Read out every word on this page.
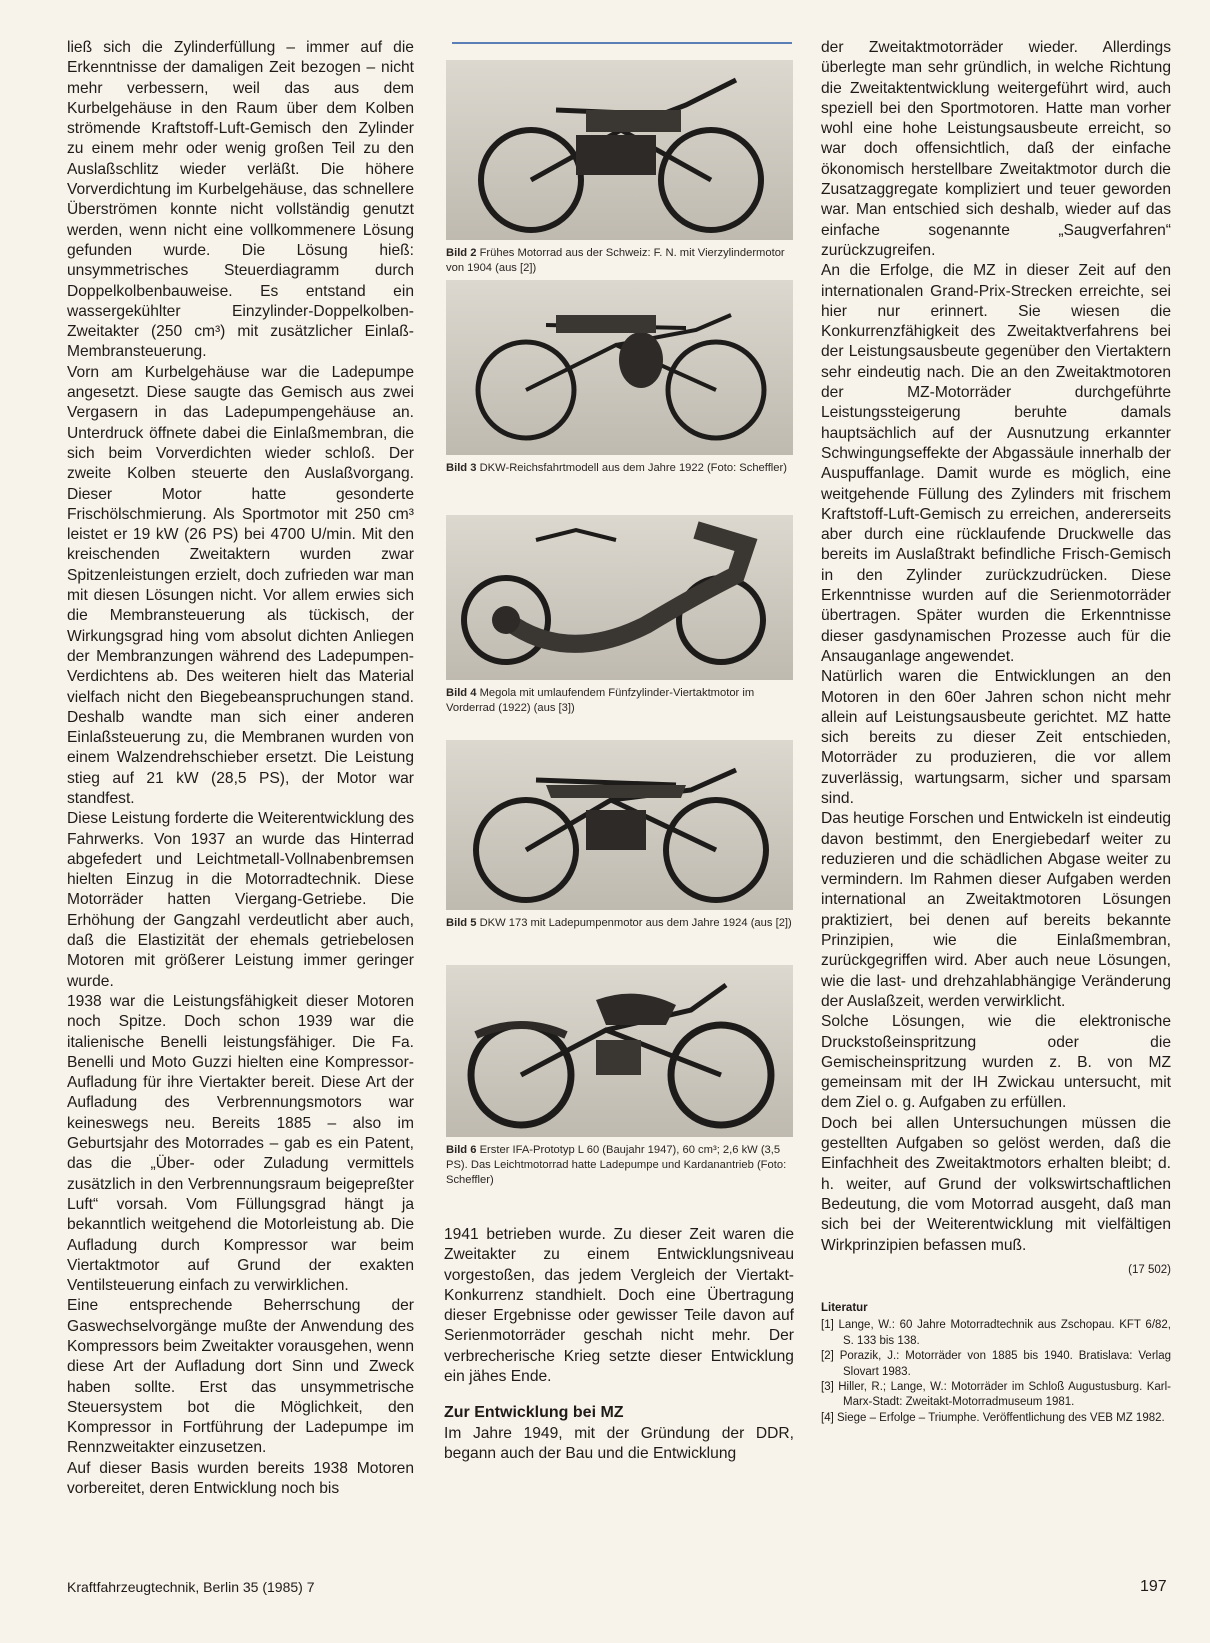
ließ sich die Zylinderfüllung – immer auf die Erkenntnisse der damaligen Zeit bezogen – nicht mehr verbessern, weil das aus dem Kurbelgehäuse in den Raum über dem Kolben strömende Kraftstoff-Luft-Gemisch den Zylinder zu einem mehr oder wenig großen Teil zu den Auslaßschlitz wieder verläßt. Die höhere Vorverdichtung im Kurbelgehäuse, das schnellere Überströmen konnte nicht vollständig genutzt werden, wenn nicht eine vollkommenere Lösung gefunden wurde. Die Lösung hieß: unsymmetrisches Steuerdiagramm durch Doppelkolbenbauweise. Es entstand ein wassergekühlter Einzylinder-Doppelkolben-Zweitakter (250 cm³) mit zusätzlicher Einlaß-Membransteuerung.

Vorn am Kurbelgehäuse war die Ladepumpe angesetzt. Diese saugte das Gemisch aus zwei Vergasern in das Ladepumpengehäuse an. Unterdruck öffnete dabei die Einlaßmembran, die sich beim Vorverdichten wieder schloß. Der zweite Kolben steuerte den Auslaßvorgang. Dieser Motor hatte gesonderte Frischölschmierung. Als Sportmotor mit 250 cm³ leistet er 19 kW (26 PS) bei 4700 U/min. Mit den kreischenden Zweitaktern wurden zwar Spitzenleistungen erzielt, doch zufrieden war man mit diesen Lösungen nicht. Vor allem erwies sich die Membransteuerung als tückisch, der Wirkungsgrad hing vom absolut dichten Anliegen der Membranzungen während des Ladepumpen-Verdichtens ab. Des weiteren hielt das Material vielfach nicht den Biegebeanspruchungen stand. Deshalb wandte man sich einer anderen Einlaßsteuerung zu, die Membranen wurden von einem Walzendrehschieber ersetzt. Die Leistung stieg auf 21 kW (28,5 PS), der Motor war standfest.

Diese Leistung forderte die Weiterentwicklung des Fahrwerks. Von 1937 an wurde das Hinterrad abgefedert und Leichtmetall-Vollnabenbremsen hielten Einzug in die Motorradtechnik. Diese Motorräder hatten Viergang-Getriebe. Die Erhöhung der Gangzahl verdeutlicht aber auch, daß die Elastizität der ehemals getriebelosen Motoren mit größerer Leistung immer geringer wurde.

1938 war die Leistungsfähigkeit dieser Motoren noch Spitze. Doch schon 1939 war die italienische Benelli leistungsfähiger. Die Fa. Benelli und Moto Guzzi hielten eine Kompressor-Aufladung für ihre Viertakter bereit. Diese Art der Aufladung des Verbrennungsmotors war keineswegs neu. Bereits 1885 – also im Geburtsjahr des Motorrades – gab es ein Patent, das die „Über- oder Zuladung vermittels zusätzlich in den Verbrennungsraum beigepreßter Luft“ vorsah. Vom Füllungsgrad hängt ja bekanntlich weitgehend die Motorleistung ab. Die Aufladung durch Kompressor war beim Viertaktmotor auf Grund der exakten Ventilsteuerung einfach zu verwirklichen.

Eine entsprechende Beherrschung der Gaswechselvorgänge mußte der Anwendung des Kompressors beim Zweitakter vorausgehen, wenn diese Art der Aufladung dort Sinn und Zweck haben sollte. Erst das unsymmetrische Steuersystem bot die Möglichkeit, den Kompressor in Fortführung der Ladepumpe im Rennzweitakter einzusetzen.

Auf dieser Basis wurden bereits 1938 Motoren vorbereitet, deren Entwicklung noch bis

Bild 2 Frühes Motorrad aus der Schweiz: F. N. mit Vierzylindermotor von 1904 (aus [2])
Bild 3 DKW-Reichsfahrtmodell aus dem Jahre 1922 (Foto: Scheffler)
Bild 4 Megola mit umlaufendem Fünfzylinder-Viertaktmotor im Vorderrad (1922) (aus [3])
Bild 5 DKW 173 mit Ladepumpenmotor aus dem Jahre 1924 (aus [2])
Bild 6 Erster IFA-Prototyp L 60 (Baujahr 1947), 60 cm³; 2,6 kW (3,5 PS). Das Leichtmotorrad hatte Ladepumpe und Kardanantrieb (Foto: Scheffler)

1941 betrieben wurde. Zu dieser Zeit waren die Zweitakter zu einem Entwicklungsniveau vorgestoßen, das jedem Vergleich der Viertakt-Konkurrenz standhielt. Doch eine Übertragung dieser Ergebnisse oder gewisser Teile davon auf Serienmotorräder geschah nicht mehr. Der verbrecherische Krieg setzte dieser Entwicklung ein jähes Ende.

Zur Entwicklung bei MZ

Im Jahre 1949, mit der Gründung der DDR, begann auch der Bau und die Entwicklung

der Zweitaktmotorräder wieder. Allerdings überlegte man sehr gründlich, in welche Richtung die Zweitaktentwicklung weitergeführt wird, auch speziell bei den Sportmotoren. Hatte man vorher wohl eine hohe Leistungsausbeute erreicht, so war doch offensichtlich, daß der einfache ökonomisch herstellbare Zweitaktmotor durch die Zusatzaggregate kompliziert und teuer geworden war. Man entschied sich deshalb, wieder auf das einfache sogenannte „Saugverfahren“ zurückzugreifen.

An die Erfolge, die MZ in dieser Zeit auf den internationalen Grand-Prix-Strecken erreichte, sei hier nur erinnert. Sie wiesen die Konkurrenzfähigkeit des Zweitaktverfahrens bei der Leistungsausbeute gegenüber den Viertaktern sehr eindeutig nach. Die an den Zweitaktmotoren der MZ-Motorräder durchgeführte Leistungssteigerung beruhte damals hauptsächlich auf der Ausnutzung erkannter Schwingungseffekte der Abgassäule innerhalb der Auspuffanlage. Damit wurde es möglich, eine weitgehende Füllung des Zylinders mit frischem Kraftstoff-Luft-Gemisch zu erreichen, andererseits aber durch eine rücklaufende Druckwelle das bereits im Auslaßtrakt befindliche Frisch-Gemisch in den Zylinder zurückzudrücken. Diese Erkenntnisse wurden auf die Serienmotorräder übertragen. Später wurden die Erkenntnisse dieser gasdynamischen Prozesse auch für die Ansauganlage angewendet.

Natürlich waren die Entwicklungen an den Motoren in den 60er Jahren schon nicht mehr allein auf Leistungsausbeute gerichtet. MZ hatte sich bereits zu dieser Zeit entschieden, Motorräder zu produzieren, die vor allem zuverlässig, wartungsarm, sicher und sparsam sind.

Das heutige Forschen und Entwickeln ist eindeutig davon bestimmt, den Energiebedarf weiter zu reduzieren und die schädlichen Abgase weiter zu vermindern. Im Rahmen dieser Aufgaben werden international an Zweitaktmotoren Lösungen praktiziert, bei denen auf bereits bekannte Prinzipien, wie die Einlaßmembran, zurückgegriffen wird. Aber auch neue Lösungen, wie die last- und drehzahlabhängige Veränderung der Auslaßzeit, werden verwirklicht.

Solche Lösungen, wie die elektronische Druckstoßeinspritzung oder die Gemischeinspritzung wurden z. B. von MZ gemeinsam mit der IH Zwickau untersucht, mit dem Ziel o. g. Aufgaben zu erfüllen.

Doch bei allen Untersuchungen müssen die gestellten Aufgaben so gelöst werden, daß die Einfachheit des Zweitaktmotors erhalten bleibt; d. h. weiter, auf Grund der volkswirtschaftlichen Bedeutung, die vom Motorrad ausgeht, daß man sich bei der Weiterentwicklung mit vielfältigen Wirkprinzipien befassen muß.

(17 502)
Literatur

[1] Lange, W.: 60 Jahre Motorradtechnik aus Zschopau. KFT 6/82, S. 133 bis 138.

[2] Porazik, J.: Motorräder von 1885 bis 1940. Bratislava: Verlag Slovart 1983.

[3] Hiller, R.; Lange, W.: Motorräder im Schloß Augustusburg. Karl-Marx-Stadt: Zweitakt-Motorradmuseum 1981.

[4] Siege – Erfolge – Triumphe. Veröffentlichung des VEB MZ 1982.

Kraftfahrzeugtechnik, Berlin 35 (1985) 7	197
